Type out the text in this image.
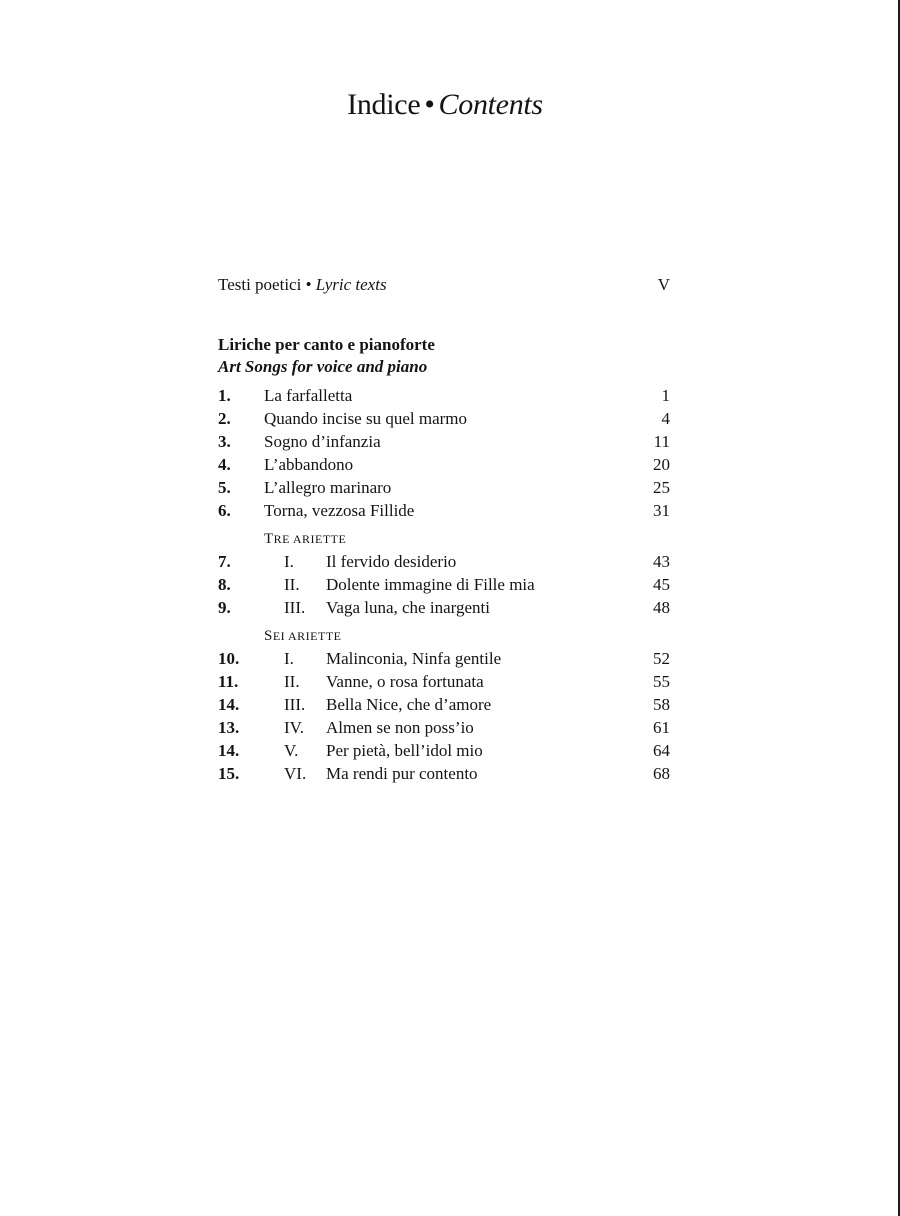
Indice • Contents
Testi poetici • Lyric texts	V
Liriche per canto e pianoforte
Art Songs for voice and piano
1. La farfalletta	1
2. Quando incise su quel marmo	4
3. Sogno d’infanzia	11
4. L’abbandono	20
5. L’allegro marinaro	25
6. Torna, vezzosa Fillide	31
TRE ARIETTE
7.	I. Il fervido desiderio	43
8.	II. Dolente immagine di Fille mia	45
9.	III. Vaga luna, che inargenti	48
SEI ARIETTE
10.	I. Malinconia, Ninfa gentile	52
11.	II. Vanne, o rosa fortunata	55
14.	III. Bella Nice, che d’amore	58
13.	IV. Almen se non poss’io	61
14.	V. Per pietà, bell’idol mio	64
15.	VI. Ma rendi pur contento	68
